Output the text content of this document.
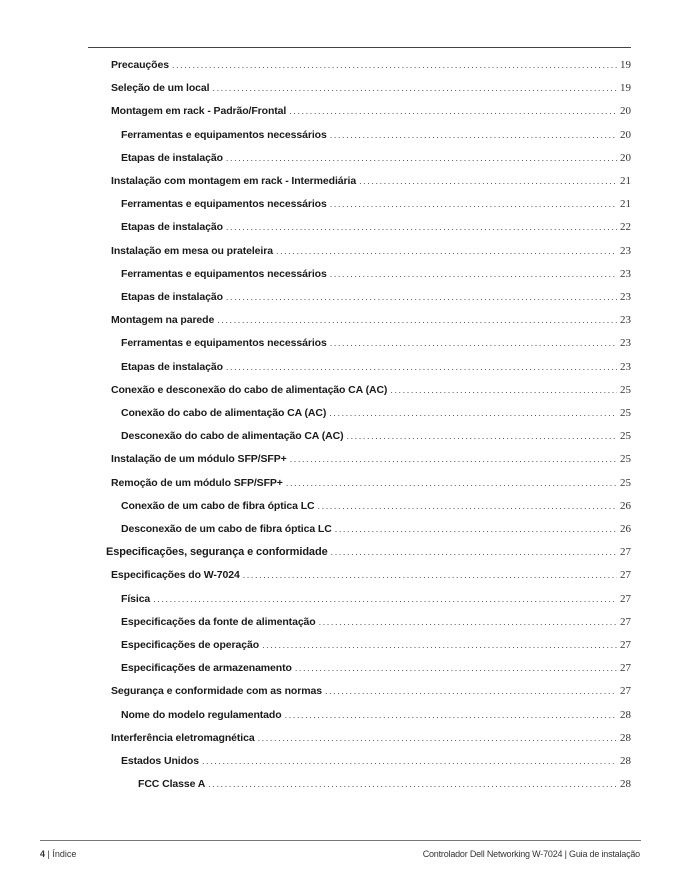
Precauções .....	19
Seleção de um local .....	19
Montagem em rack - Padrão/Frontal .....	20
Ferramentas e equipamentos necessários .....	20
Etapas de instalação .....	20
Instalação com montagem em rack - Intermediária .....	21
Ferramentas e equipamentos necessários .....	21
Etapas de instalação .....	22
Instalação em mesa ou prateleira .....	23
Ferramentas e equipamentos necessários .....	23
Etapas de instalação .....	23
Montagem na parede .....	23
Ferramentas e equipamentos necessários .....	23
Etapas de instalação .....	23
Conexão e desconexão do cabo de alimentação CA (AC) .....	25
Conexão do cabo de alimentação CA (AC) .....	25
Desconexão do cabo de alimentação CA (AC) .....	25
Instalação de um módulo SFP/SFP+ .....	25
Remoção de um módulo SFP/SFP+ .....	25
Conexão de um cabo de fibra óptica LC .....	26
Desconexão de um cabo de fibra óptica LC .....	26
Especificações, segurança e conformidade .....	27
Especificações do W-7024 .....	27
Física .....	27
Especificações da fonte de alimentação .....	27
Especificações de operação .....	27
Especificações de armazenamento .....	27
Segurança e conformidade com as normas .....	27
Nome do modelo regulamentado .....	28
Interferência eletromagnética .....	28
Estados Unidos .....	28
FCC Classe A .....	28
4 | Índice	Controlador Dell Networking W-7024 | Guia de instalação
